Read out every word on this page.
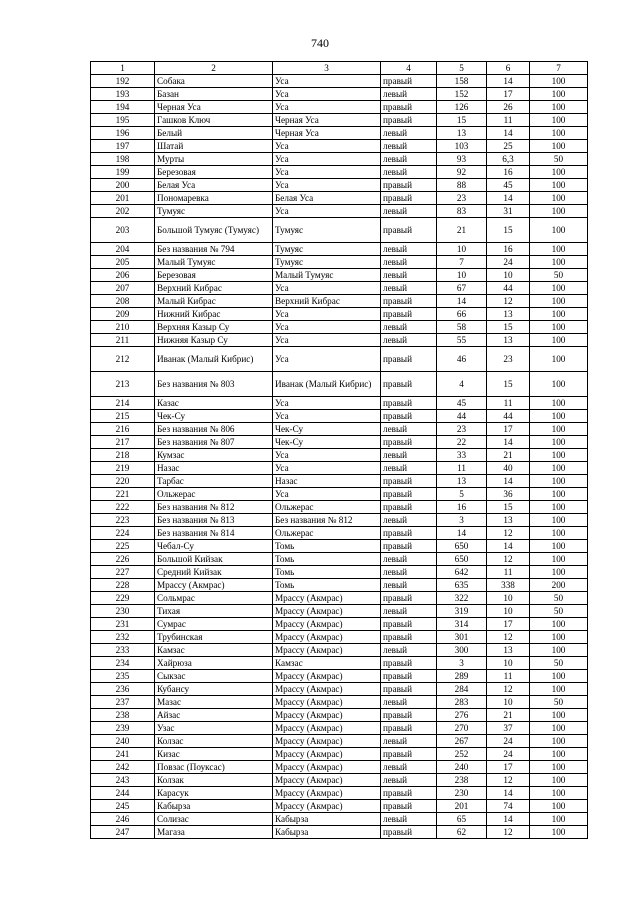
740
1	2	3	4	5	6	7
192	Собака	Уса	правый	158	14	100
193	Базан	Уса	левый	152	17	100
194	Черная Уса	Уса	правый	126	26	100
195	Гашков Ключ	Черная Уса	правый	15	11	100
196	Белый	Черная Уса	левый	13	14	100
197	Шатай	Уса	левый	103	25	100
198	Мурты	Уса	левый	93	6,3	50
199	Березовая	Уса	левый	92	16	100
200	Белая Уса	Уса	правый	88	45	100
201	Пономаревка	Белая Уса	правый	23	14	100
202	Тумуяс	Уса	левый	83	31	100
203	Большой Тумуяс (Тумуяс)	Тумуяс	правый	21	15	100
204	Без названия № 794	Тумуяс	левый	10	16	100
205	Малый Тумуяс	Тумуяс	левый	7	24	100
206	Березовая	Малый Тумуяс	левый	10	10	50
207	Верхний Кибрас	Уса	левый	67	44	100
208	Малый Кибрас	Верхний Кибрас	правый	14	12	100
209	Нижний Кибрас	Уса	правый	66	13	100
210	Верхняя Казыр Су	Уса	левый	58	15	100
211	Нижняя Казыр Су	Уса	левый	55	13	100
212	Иванак (Малый Кибрис)	Уса	правый	46	23	100
213	Без названия № 803	Иванак (Малый Кибрис)	правый	4	15	100
214	Казас	Уса	правый	45	11	100
215	Чек-Су	Уса	правый	44	44	100
216	Без названия № 806	Чек-Су	левый	23	17	100
217	Без названия № 807	Чек-Су	правый	22	14	100
218	Кумзас	Уса	левый	33	21	100
219	Назас	Уса	левый	11	40	100
220	Тарбас	Назас	правый	13	14	100
221	Ольжерас	Уса	правый	5	36	100
222	Без названия № 812	Ольжерас	правый	16	15	100
223	Без названия № 813	Без названия № 812	левый	3	13	100
224	Без названия № 814	Ольжерас	правый	14	12	100
225	Чебал-Су	Томь	правый	650	14	100
226	Большой Кийзак	Томь	левый	650	12	100
227	Средний Кийзак	Томь	левый	642	11	100
228	Мрассу (Акмрас)	Томь	левый	635	338	200
229	Сольмрас	Мрассу (Акмрас)	правый	322	10	50
230	Тихая	Мрассу (Акмрас)	левый	319	10	50
231	Сумрас	Мрассу (Акмрас)	правый	314	17	100
232	Трубинская	Мрассу (Акмрас)	правый	301	12	100
233	Камзас	Мрассу (Акмрас)	левый	300	13	100
234	Хайрюза	Камзас	правый	3	10	50
235	Сыкзас	Мрассу (Акмрас)	правый	289	11	100
236	Кубансу	Мрассу (Акмрас)	правый	284	12	100
237	Мазас	Мрассу (Акмрас)	левый	283	10	50
238	Айзас	Мрассу (Акмрас)	правый	276	21	100
239	Узас	Мрассу (Акмрас)	правый	270	37	100
240	Колзас	Мрассу (Акмрас)	левый	267	24	100
241	Кизас	Мрассу (Акмрас)	правый	252	24	100
242	Повзас (Поуксас)	Мрассу (Акмрас)	левый	240	17	100
243	Колзак	Мрассу (Акмрас)	левый	238	12	100
244	Карасук	Мрассу (Акмрас)	правый	230	14	100
245	Кабырза	Мрассу (Акмрас)	правый	201	74	100
246	Солизас	Кабырза	левый	65	14	100
247	Магаза	Кабырза	правый	62	12	100
